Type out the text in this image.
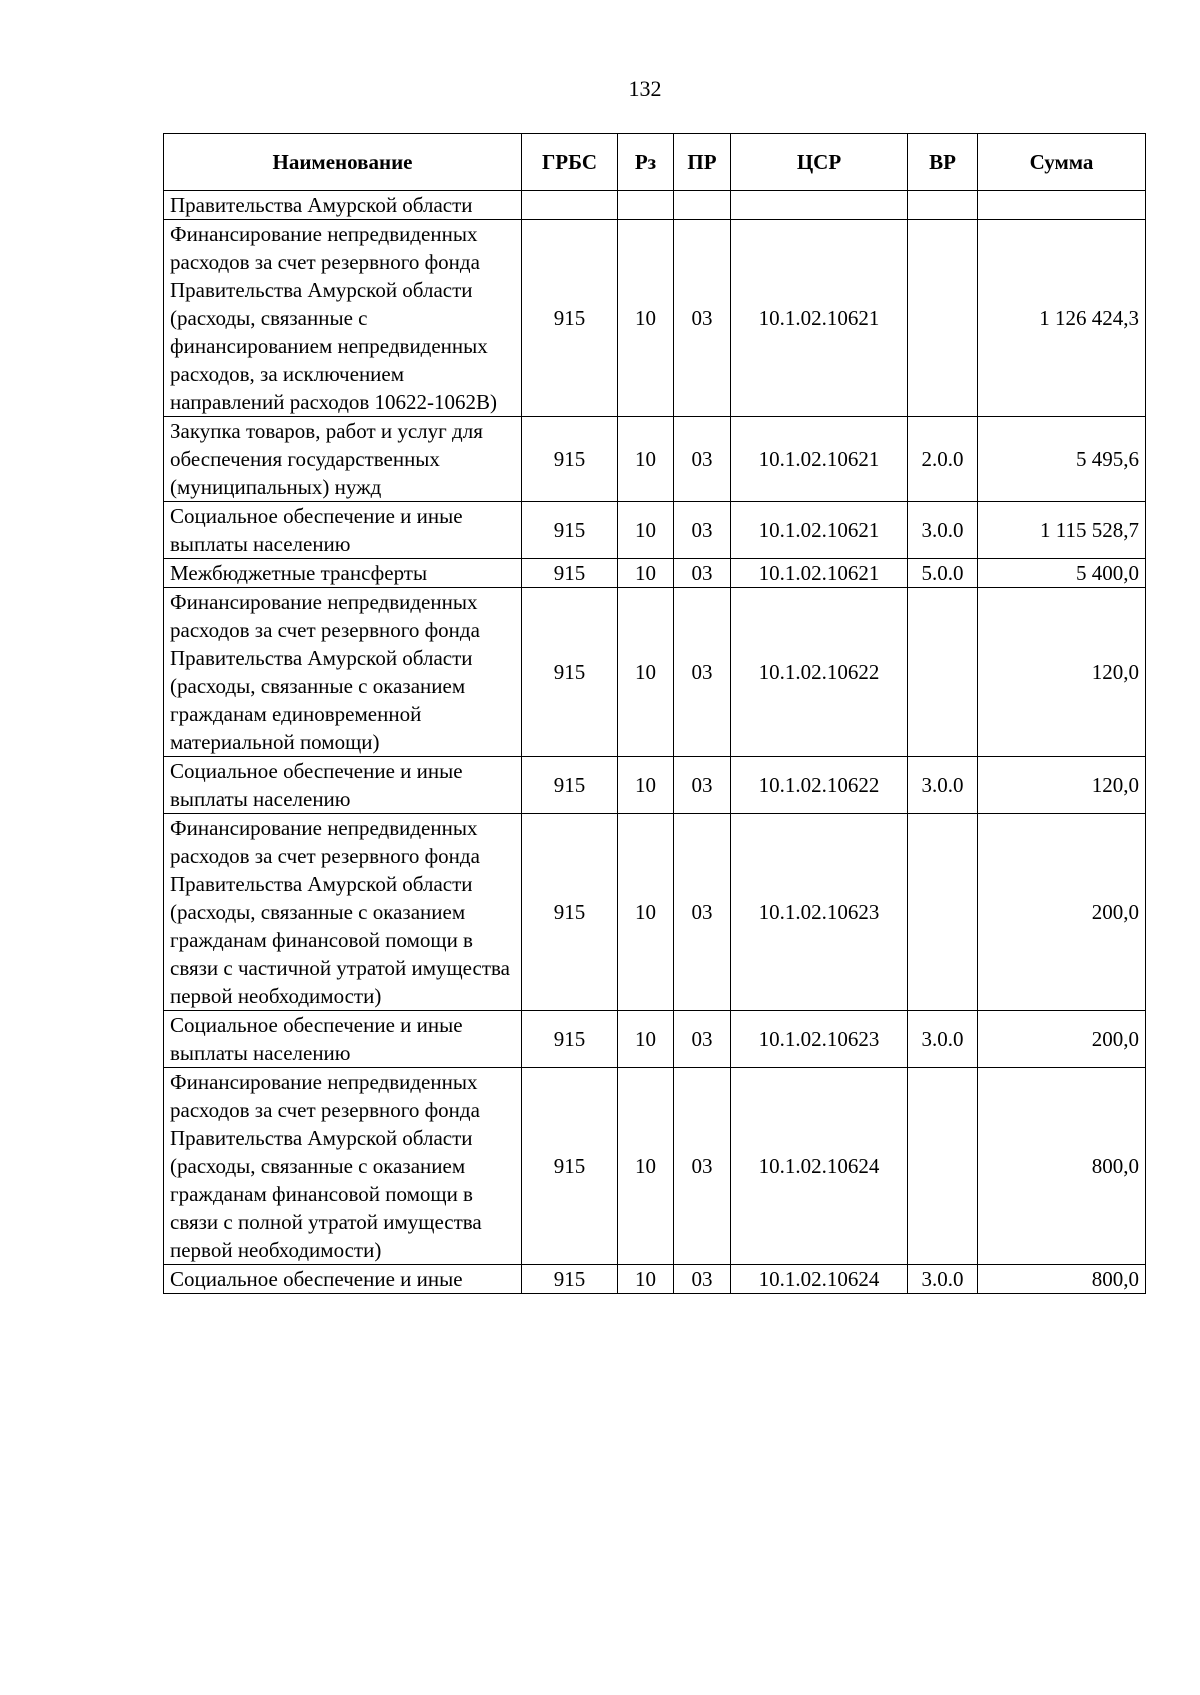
132
Наименование	ГРБС	Рз	ПР	ЦСР	ВР	Сумма
Правительства Амурской области						
Финансирование непредвиденных расходов за счет резервного фонда Правительства Амурской области (расходы, связанные с финансированием непредвиденных расходов, за исключением направлений расходов 10622-1062В)	915	10	03	10.1.02.10621		1 126 424,3
Закупка товаров, работ и услуг для обеспечения государственных (муниципальных) нужд	915	10	03	10.1.02.10621	2.0.0	5 495,6
Социальное обеспечение и иные выплаты населению	915	10	03	10.1.02.10621	3.0.0	1 115 528,7
Межбюджетные трансферты	915	10	03	10.1.02.10621	5.0.0	5 400,0
Финансирование непредвиденных расходов за счет резервного фонда Правительства Амурской области (расходы, связанные с оказанием гражданам единовременной материальной помощи)	915	10	03	10.1.02.10622		120,0
Социальное обеспечение и иные выплаты населению	915	10	03	10.1.02.10622	3.0.0	120,0
Финансирование непредвиденных расходов за счет резервного фонда Правительства Амурской области (расходы, связанные с оказанием гражданам финансовой помощи в связи с частичной утратой имущества первой необходимости)	915	10	03	10.1.02.10623		200,0
Социальное обеспечение и иные выплаты населению	915	10	03	10.1.02.10623	3.0.0	200,0
Финансирование непредвиденных расходов за счет резервного фонда Правительства Амурской области (расходы, связанные с оказанием гражданам финансовой помощи в связи с полной утратой имущества первой необходимости)	915	10	03	10.1.02.10624		800,0
Социальное обеспечение и иные	915	10	03	10.1.02.10624	3.0.0	800,0
